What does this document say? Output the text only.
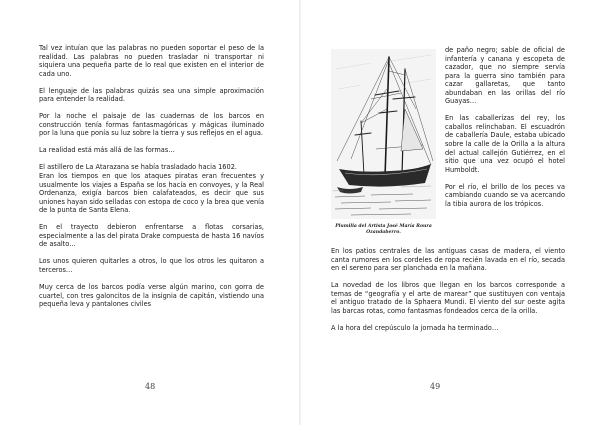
Tal vez intuían que las palabras no pueden soportar el peso de la realidad. Las palabras no pueden trasladar ni transportar ni siquiera una pequeña parte de lo real que existen en el interior de cada uno.

El lenguaje de las palabras quizás sea una simple aproximación para entender la realidad.

Por la noche el paisaje de las cuadernas de los barcos en construcción tenía formas fantasmagóricas y mágicas iluminado por la luna que ponía su luz sobre la tierra y sus reflejos en el agua.

La realidad está más allá de las formas…

El astillero de La Atarazana se había trasladado hacia 1602.

Eran los tiempos en que los ataques piratas eran frecuentes y usualmente los viajes a España se los hacía en convoyes, y la Real Ordenanza, exigía barcos bien calafateados, es decir que sus uniones hayan sido selladas con estopa de coco y la brea que venía de la punta de Santa Elena.

En el trayecto debieron enfrentarse a flotas corsarias, especialmente a las del pirata Drake compuesta de hasta 16 navíos de asalto…

Los unos quieren quitarles a otros, lo que los otros les quitaron a terceros…

Muy cerca de los barcos podía verse algún marino, con gorra de cuartel, con tres galoncitos de la insignia de capitán, vistiendo una pequeña leva y pantalones civiles

48
Plumilla del Artista José María Roura Ozandaberro.

de paño negro; sable de oficial de infantería y canana y escopeta de cazador, que no siempre servía para la guerra sino también para cazar gallaretas, que tanto abundaban en las orillas del río Guayas…

En las caballerizas del rey, los caballos relinchaban. El escuadrón de caballería Daule, estaba ubicado sobre la calle de la Orilla a la altura del actual callejón Gutiérrez, en el sitio que una vez ocupó el hotel Humboldt.

Por el río, el brillo de los peces va cambiando cuando se va acercando la tibia aurora de los trópicos.

En los patios centrales de las antiguas casas de madera, el viento canta rumores en los cordeles de ropa recién lavada en el río, secada en el sereno para ser planchada en la mañana.

La novedad de los libros que llegan en los barcos corresponde a temas de “geografía y el arte de marear” que sustituyen con ventaja el antiguo tratado de la Sphaera Mundi. El viento del sur oeste agita las barcas rotas, como fantasmas fondeados cerca de la orilla.

A la hora del crepúsculo la jornada ha terminado…

49
